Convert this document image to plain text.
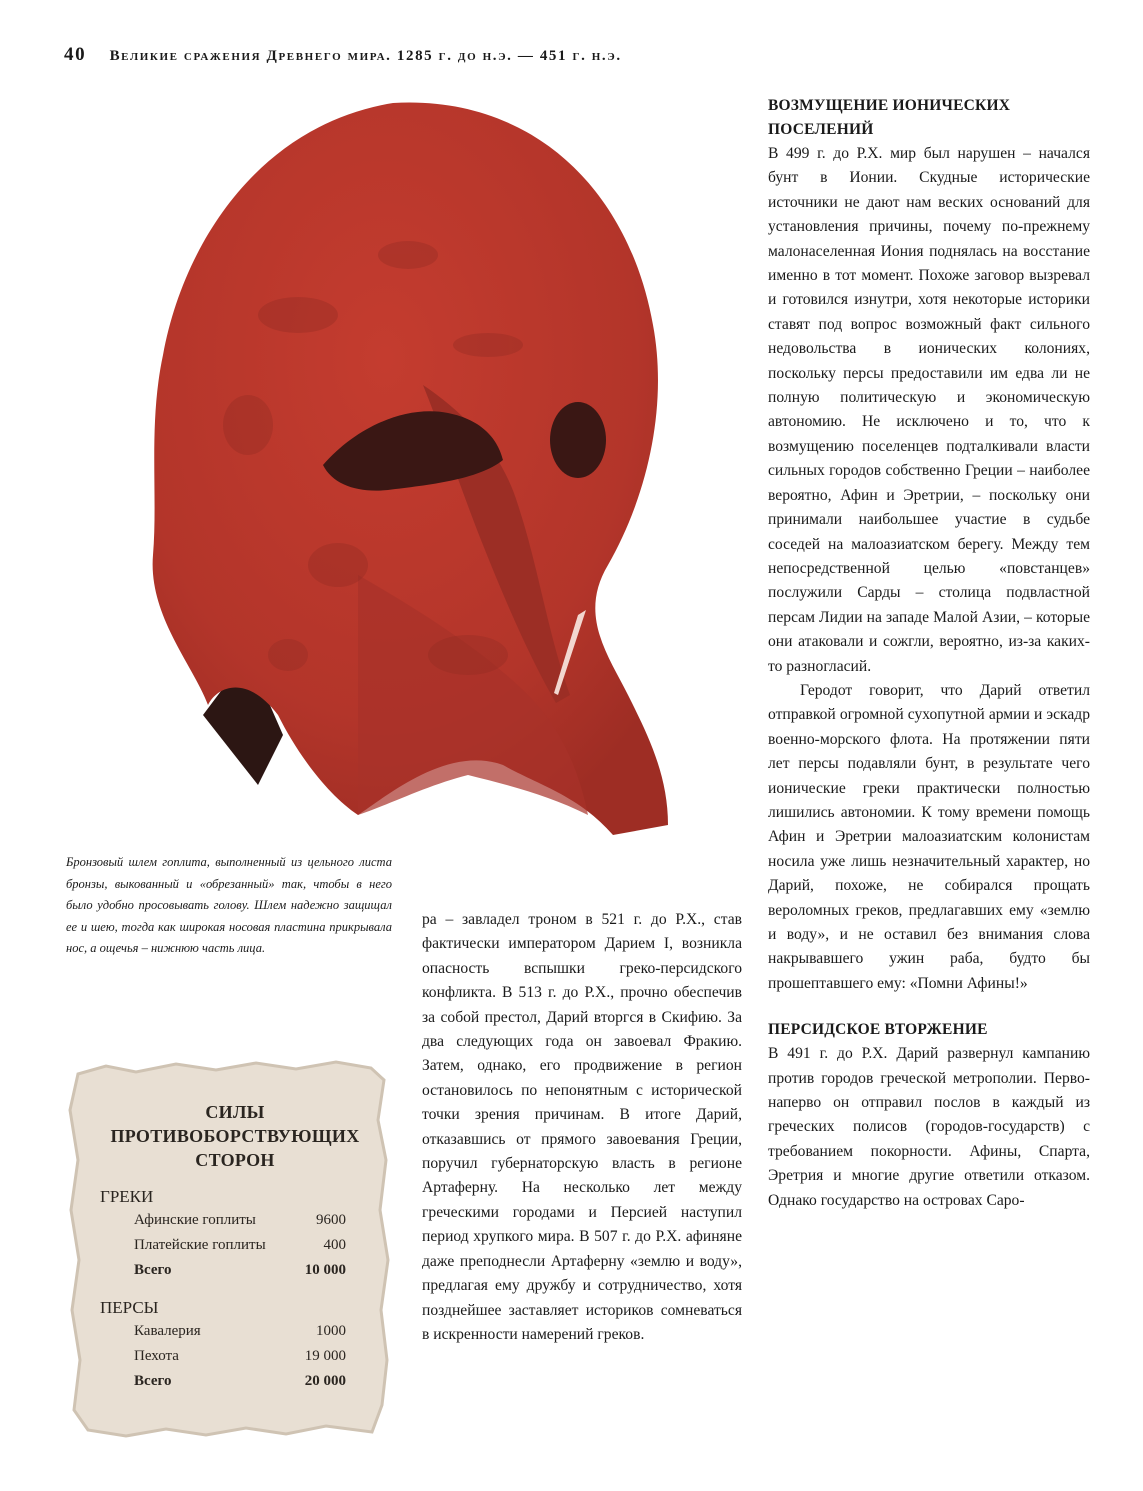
40 Великие сражения Древнего мира. 1285 г. до н.э. — 451 г. н.э.
Бронзовый шлем гоплита, выполненный из цельного листа бронзы, выкованный и «обрезанный» так, чтобы в него было удобно просовывать голову. Шлем надежно защищал ее и шею, тогда как широкая носовая пластина прикрывала нос, а ощечья – нижнюю часть лица.
СИЛЫ ПРОТИВОБОРСТВУЮЩИХ СТОРОН
ГРЕКИ
Афинские гоплиты	9600
Платейские гоплиты	400
Всего	10 000
ПЕРСЫ
Кавалерия	1000
Пехота	19 000
Всего	20 000

ра – завладел троном в 521 г. до Р.Х., став фактически императором Дарием I, возникла опасность вспышки греко-персидского конфликта. В 513 г. до Р.Х., прочно обеспечив за собой престол, Дарий вторгся в Скифию. За два следующих года он завоевал Фракию. Затем, однако, его продвижение в регион остановилось по непонятным с исторической точки зрения причинам. В итоге Дарий, отказавшись от прямого завоевания Греции, поручил губернаторскую власть в регионе Артаферну. На несколько лет между греческими городами и Персией наступил период хрупкого мира. В 507 г. до Р.Х. афиняне даже преподнесли Артаферну «землю и воду», предлагая ему дружбу и сотрудничество, хотя позднейшее заставляет историков сомневаться в искренности намерений греков.

ВОЗМУЩЕНИЕ ИОНИЧЕСКИХ ПОСЕЛЕНИЙ

В 499 г. до Р.Х. мир был нарушен – начался бунт в Ионии. Скудные исторические источники не дают нам веских оснований для установления причины, почему по-прежнему малонаселенная Иония поднялась на восстание именно в тот момент. Похоже заговор вызревал и готовился изнутри, хотя некоторые историки ставят под вопрос возможный факт сильного недовольства в ионических колониях, поскольку персы предоставили им едва ли не полную политическую и экономическую автономию. Не исключено и то, что к возмущению поселенцев подталкивали власти сильных городов собственно Греции – наиболее вероятно, Афин и Эретрии, – поскольку они принимали наибольшее участие в судьбе соседей на малоазиатском берегу. Между тем непосредственной целью «повстанцев» послужили Сарды – столица подвластной персам Лидии на западе Малой Азии, – которые они атаковали и сожгли, вероятно, из-за каких-то разногласий.

Геродот говорит, что Дарий ответил отправкой огромной сухопутной армии и эскадр военно-морского флота. На протяжении пяти лет персы подавляли бунт, в результате чего ионические греки практически полностью лишились автономии. К тому времени помощь Афин и Эретрии малоазиатским колонистам носила уже лишь незначительный характер, но Дарий, похоже, не собирался прощать вероломных греков, предлагавших ему «землю и воду», и не оставил без внимания слова накрывавшего ужин раба, будто бы прошептавшего ему: «Помни Афины!»

ПЕРСИДСКОЕ ВТОРЖЕНИЕ

В 491 г. до Р.Х. Дарий развернул кампанию против городов греческой метрополии. Перво-наперво он отправил послов в каждый из греческих полисов (городов-государств) с требованием покорности. Афины, Спарта, Эретрия и многие другие ответили отказом. Однако государство на островах Саро-
